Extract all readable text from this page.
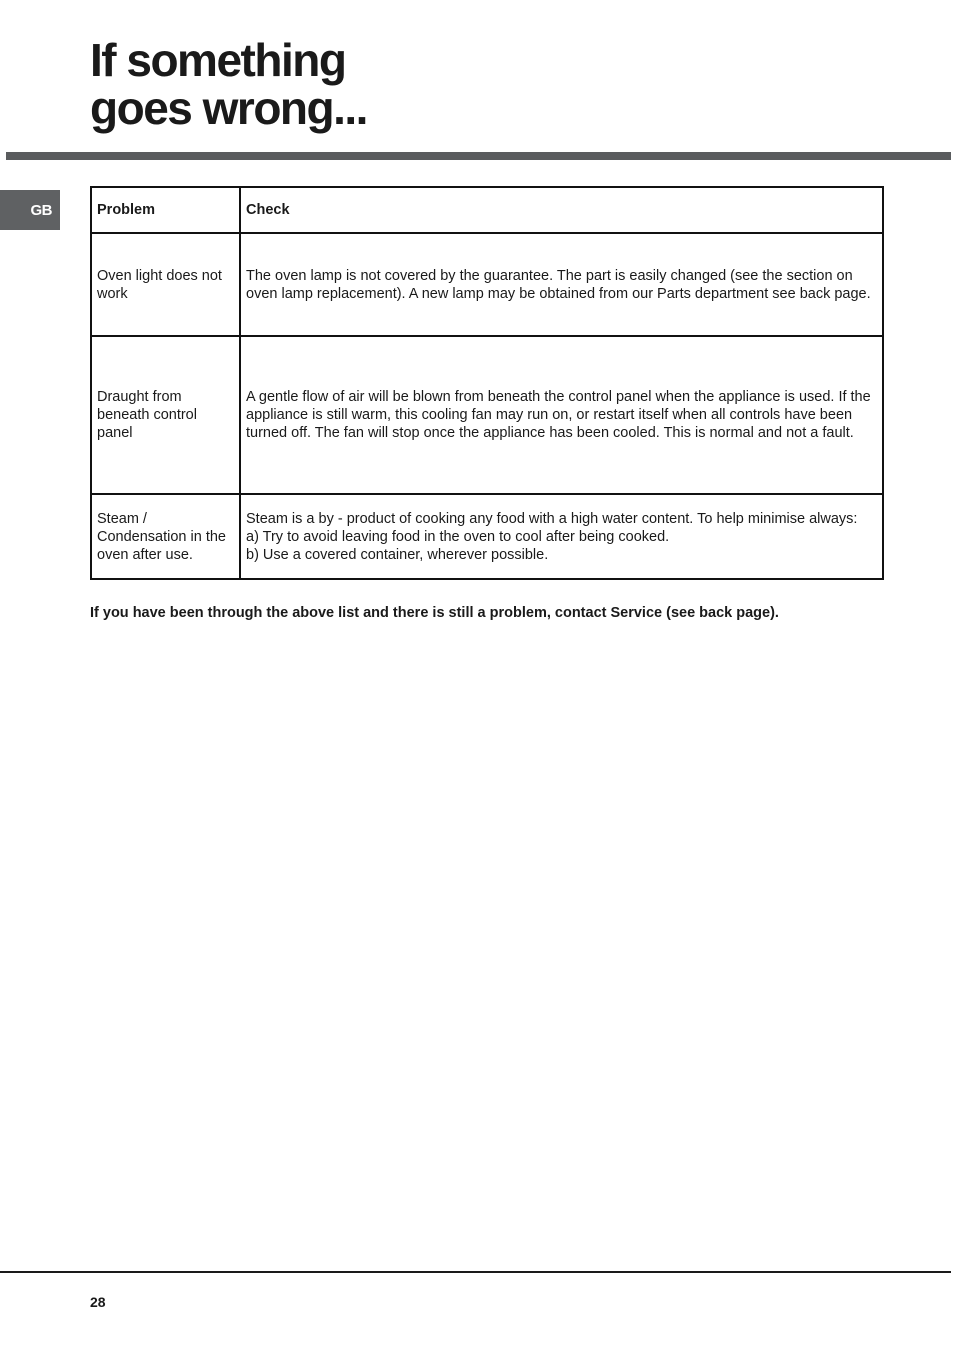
If something
goes wrong...
GB	Problem	Check
Oven light does not work	The oven lamp is not covered by the guarantee. The part is easily changed (see the section on oven lamp replacement). A new lamp may be obtained from our Parts department see back page.
Draught from beneath control panel	A gentle flow of air will be blown from beneath the control panel when the appliance is used. If the appliance is still warm, this cooling fan may run on, or restart itself when all controls have been turned off. The fan will stop once the appliance has been cooled. This is normal and not a fault.
Steam / Condensation in the oven after use.	Steam is a by - product of cooking any food with a high water content. To help minimise always:
a) Try to avoid leaving food in the oven to cool after being cooked.
b) Use a covered container, wherever possible.

If you have been through the above list and there is still a problem, contact Service (see back page).

28
